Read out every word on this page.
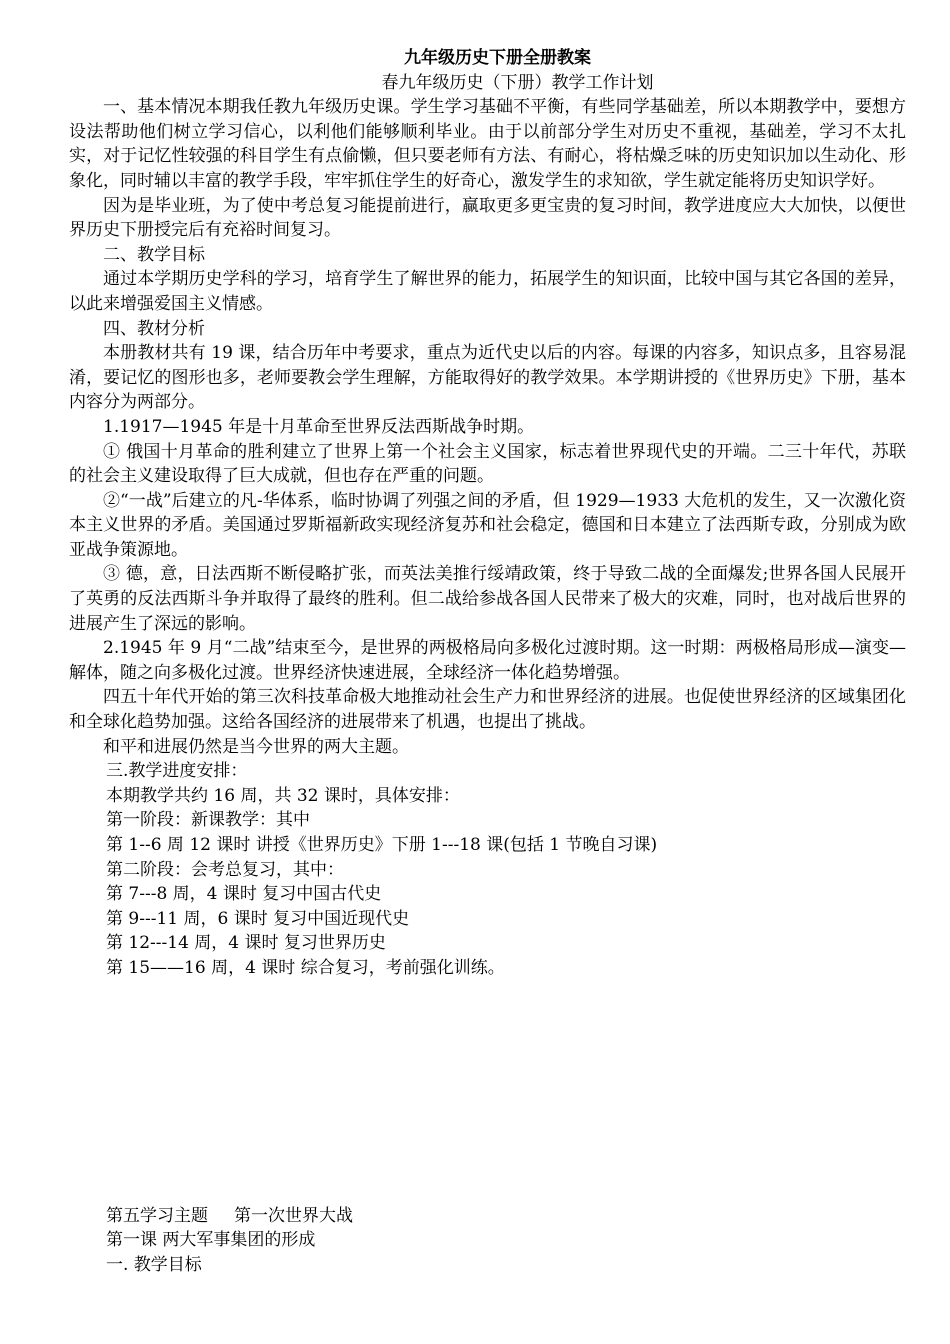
九年级历史下册全册教案

春九年级历史（下册）教学工作计划

一、基本情况本期我任教九年级历史课。学生学习基础不平衡，有些同学基础差，所以本期教学中，要想方设法帮助他们树立学习信心，以利他们能够顺利毕业。由于以前部分学生对历史不重视，基础差，学习不太扎实，对于记忆性较强的科目学生有点偷懒，但只要老师有方法、有耐心，将枯燥乏味的历史知识加以生动化、形象化，同时辅以丰富的教学手段，牢牢抓住学生的好奇心，激发学生的求知欲，学生就定能将历史知识学好。

因为是毕业班，为了使中考总复习能提前进行，赢取更多更宝贵的复习时间，教学进度应大大加快，以便世界历史下册授完后有充裕时间复习。

二、教学目标

通过本学期历史学科的学习，培育学生了解世界的能力，拓展学生的知识面，比较中国与其它各国的差异，以此来增强爱国主义情感。

四、教材分析

本册教材共有 19 课，结合历年中考要求，重点为近代史以后的内容。每课的内容多，知识点多，且容易混淆，要记忆的图形也多，老师要教会学生理解，方能取得好的教学效果。本学期讲授的《世界历史》下册，基本内容分为两部分。

1.1917—1945 年是十月革命至世界反法西斯战争时期。

① 俄国十月革命的胜利建立了世界上第一个社会主义国家，标志着世界现代史的开端。二三十年代，苏联的社会主义建设取得了巨大成就，但也存在严重的问题。

②“一战”后建立的凡-华体系，临时协调了列强之间的矛盾，但 1929—1933 大危机的发生，又一次激化资本主义世界的矛盾。美国通过罗斯福新政实现经济复苏和社会稳定，德国和日本建立了法西斯专政，分别成为欧亚战争策源地。

③ 德，意，日法西斯不断侵略扩张，而英法美推行绥靖政策，终于导致二战的全面爆发;世界各国人民展开了英勇的反法西斯斗争并取得了最终的胜利。但二战给参战各国人民带来了极大的灾难，同时，也对战后世界的进展产生了深远的影响。

2.1945 年 9 月“二战”结束至今，是世界的两极格局向多极化过渡时期。这一时期：两极格局形成—演变—解体，随之向多极化过渡。世界经济快速进展，全球经济一体化趋势增强。

四五十年代开始的第三次科技革命极大地推动社会生产力和世界经济的进展。也促使世界经济的区域集团化和全球化趋势加强。这给各国经济的进展带来了机遇，也提出了挑战。

和平和进展仍然是当今世界的两大主题。

三.教学进度安排：

本期教学共约 16 周，共 32 课时，具体安排：

第一阶段：新课教学：其中

第 1--6 周 12 课时 讲授《世界历史》下册 1---18 课(包括 1 节晚自习课)

第二阶段：会考总复习，其中：

第 7---8 周，4 课时 复习中国古代史

第 9---11 周，6 课时 复习中国近现代史

第 12---14 周，4 课时 复习世界历史

第 15——16 周，4 课时 综合复习，考前强化训练。

第五学习主题 第一次世界大战

第一课 两大军事集团的形成

一. 教学目标
